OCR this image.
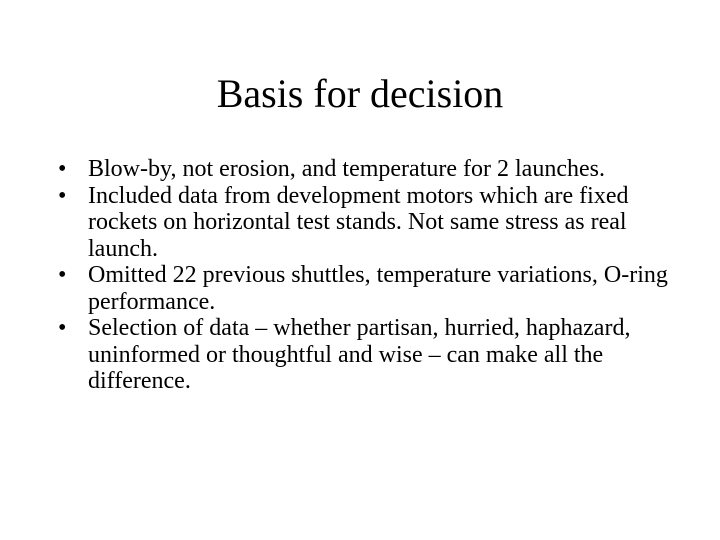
Basis for decision
• Blow-by, not erosion, and temperature for 2 launches.
• Included data from development motors which are fixed rockets on horizontal test stands. Not same stress as real launch.
• Omitted 22 previous shuttles, temperature variations, O-ring performance.
• Selection of data – whether partisan, hurried, haphazard, uninformed or thoughtful and wise – can make all the difference.
